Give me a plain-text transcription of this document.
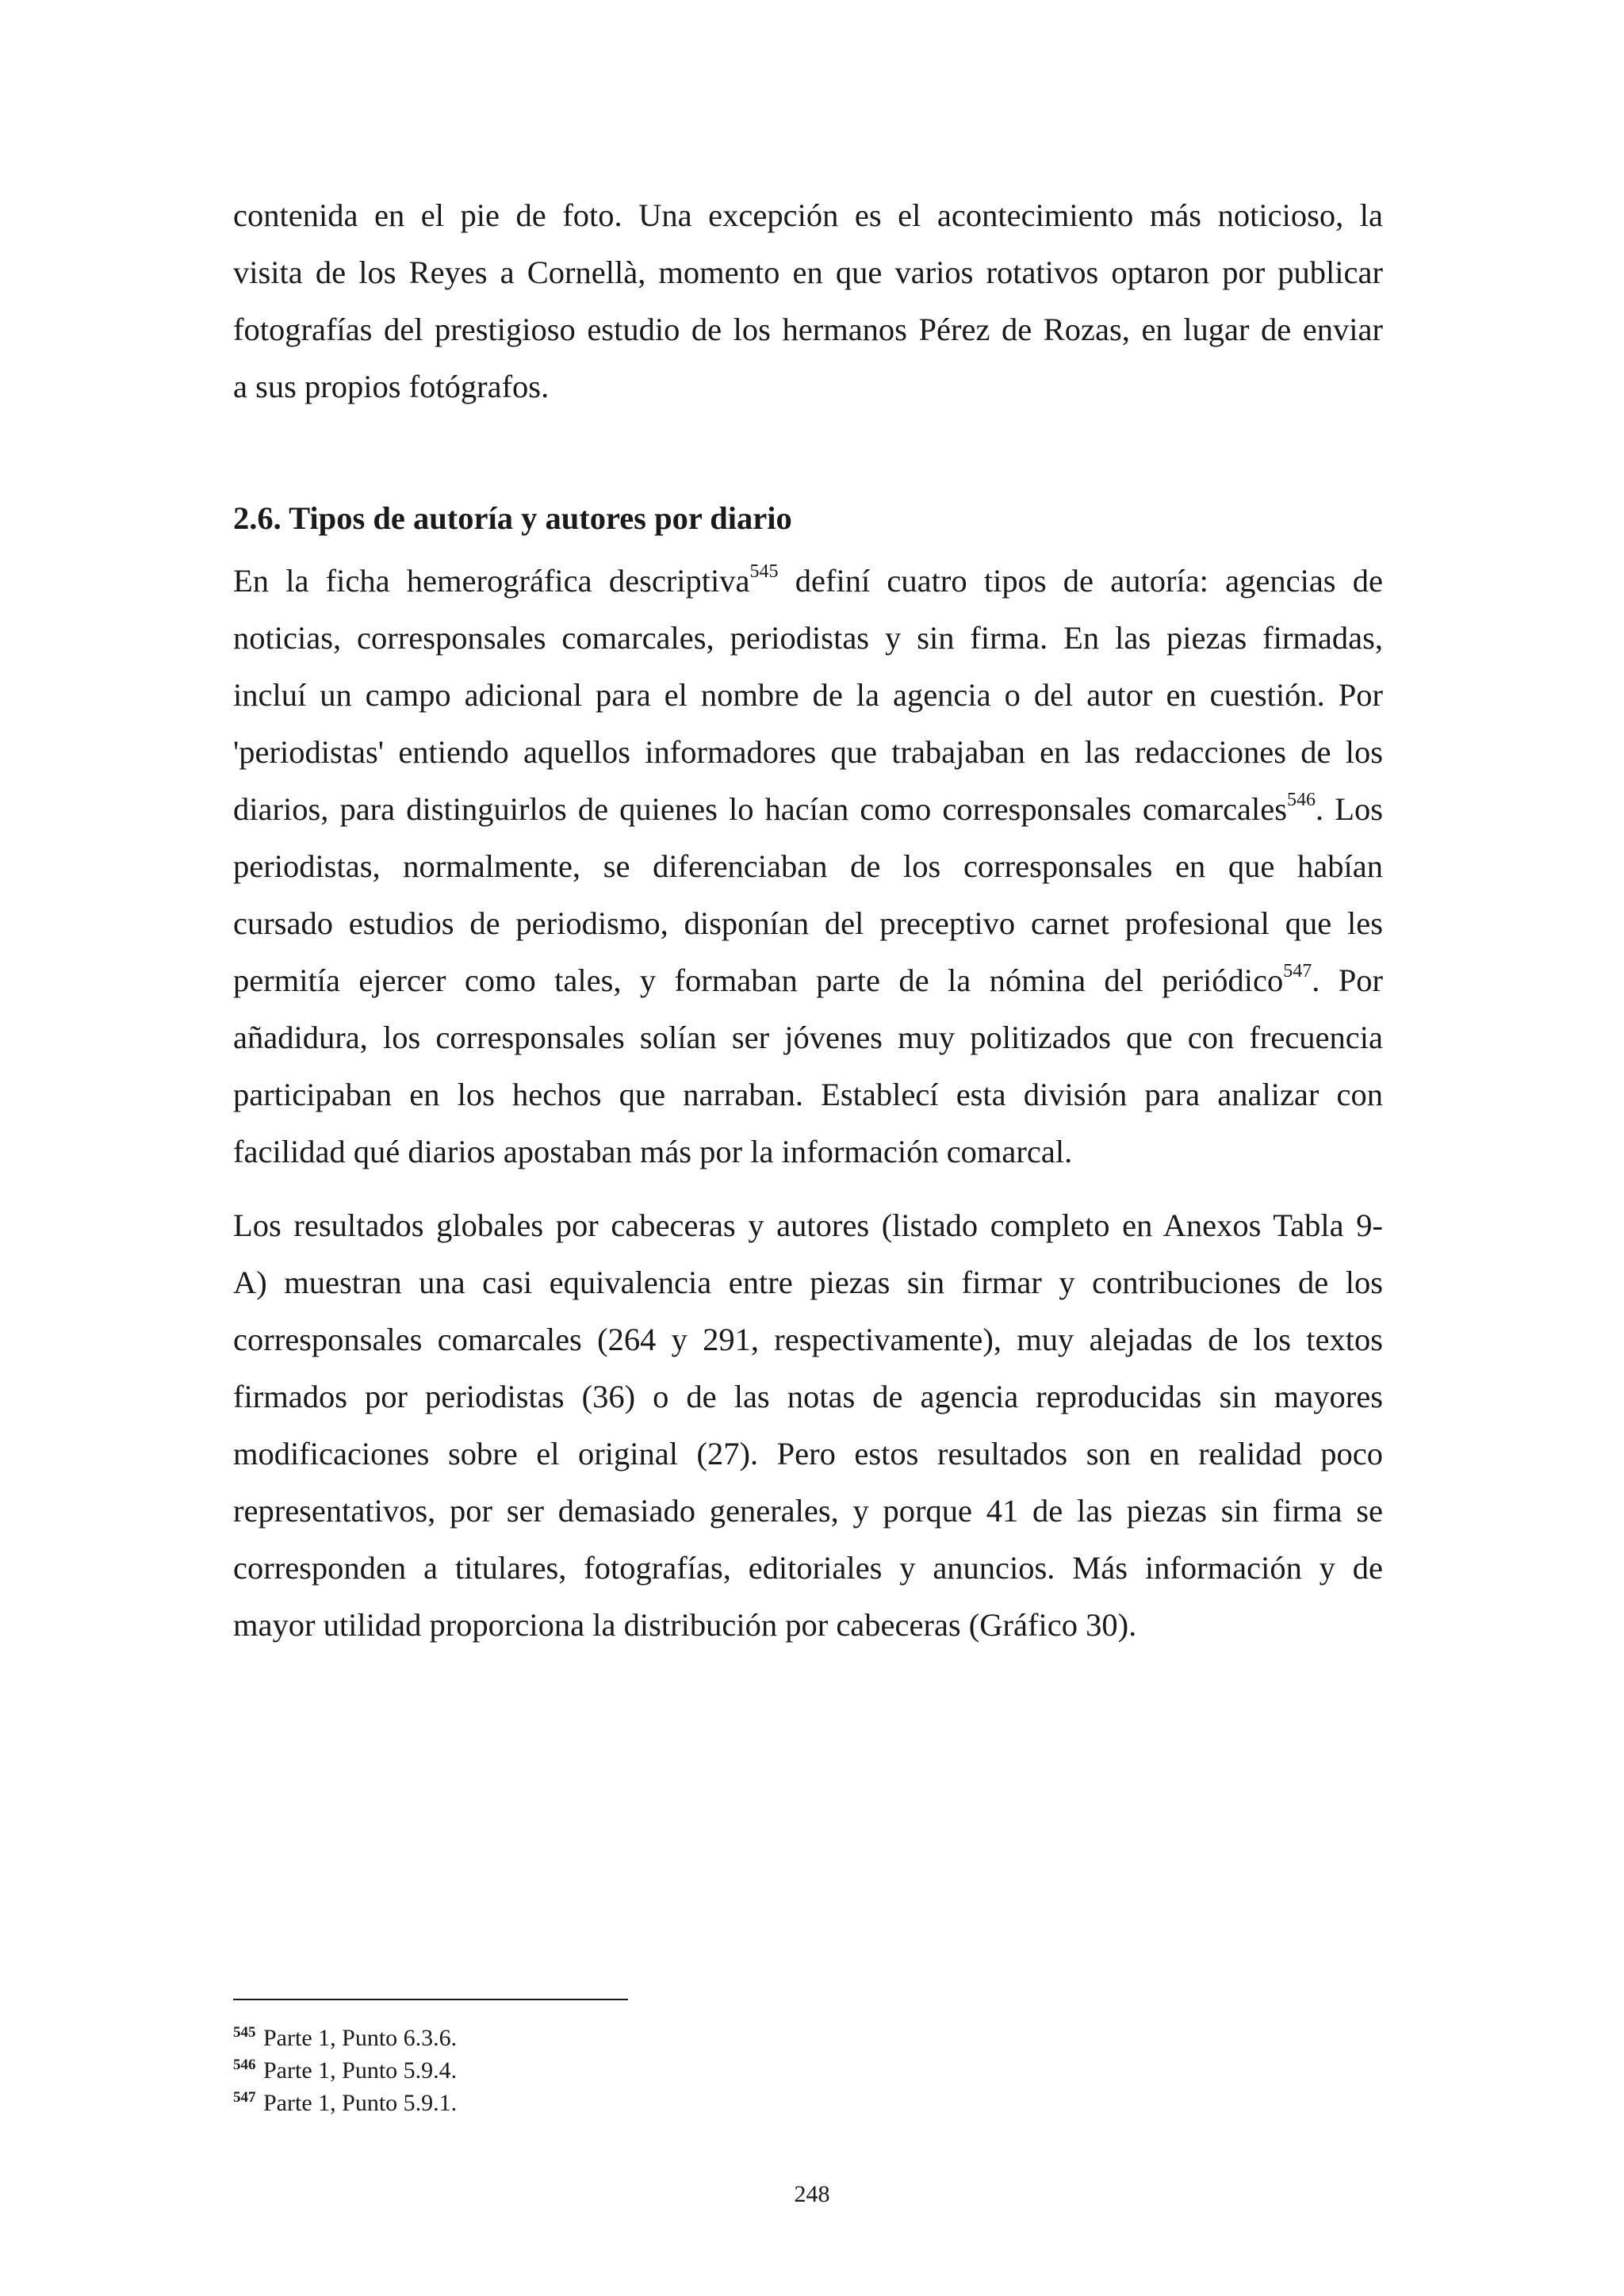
contenida en el pie de foto. Una excepción es el acontecimiento más noticioso, la
visita de los Reyes a Cornellà, momento en que varios rotativos optaron por publicar
fotografías del prestigioso estudio de los hermanos Pérez de Rozas, en lugar de enviar
a sus propios fotógrafos.

2.6. Tipos de autoría y autores por diario

En la ficha hemerográfica descriptiva$^{545}$ definí cuatro tipos de autoría: agencias de
noticias, corresponsales comarcales, periodistas y sin firma. En las piezas firmadas,
incluí un campo adicional para el nombre de la agencia o del autor en cuestión. Por
'periodistas' entiendo aquellos informadores que trabajaban en las redacciones de los
diarios, para distinguirlos de quienes lo hacían como corresponsales comarcales$^{546}$. Los
periodistas, normalmente, se diferenciaban de los corresponsales en que habían
cursado estudios de periodismo, disponían del preceptivo carnet profesional que les
permitía ejercer como tales, y formaban parte de la nómina del periódico$^{547}$. Por
añadidura, los corresponsales solían ser jóvenes muy politizados que con frecuencia
participaban en los hechos que narraban. Establecí esta división para analizar con
facilidad qué diarios apostaban más por la información comarcal.

Los resultados globales por cabeceras y autores (listado completo en Anexos Tabla 9-
A) muestran una casi equivalencia entre piezas sin firmar y contribuciones de los
corresponsales comarcales (264 y 291, respectivamente), muy alejadas de los textos
firmados por periodistas (36) o de las notas de agencia reproducidas sin mayores
modificaciones sobre el original (27). Pero estos resultados son en realidad poco
representativos, por ser demasiado generales, y porque 41 de las piezas sin firma se
corresponden a titulares, fotografías, editoriales y anuncios. Más información y de
mayor utilidad proporciona la distribución por cabeceras (Gráfico 30).

$^{545}$ Parte 1, Punto 6.3.6.
$^{546}$ Parte 1, Punto 5.9.4.
$^{547}$ Parte 1, Punto 5.9.1.
248
